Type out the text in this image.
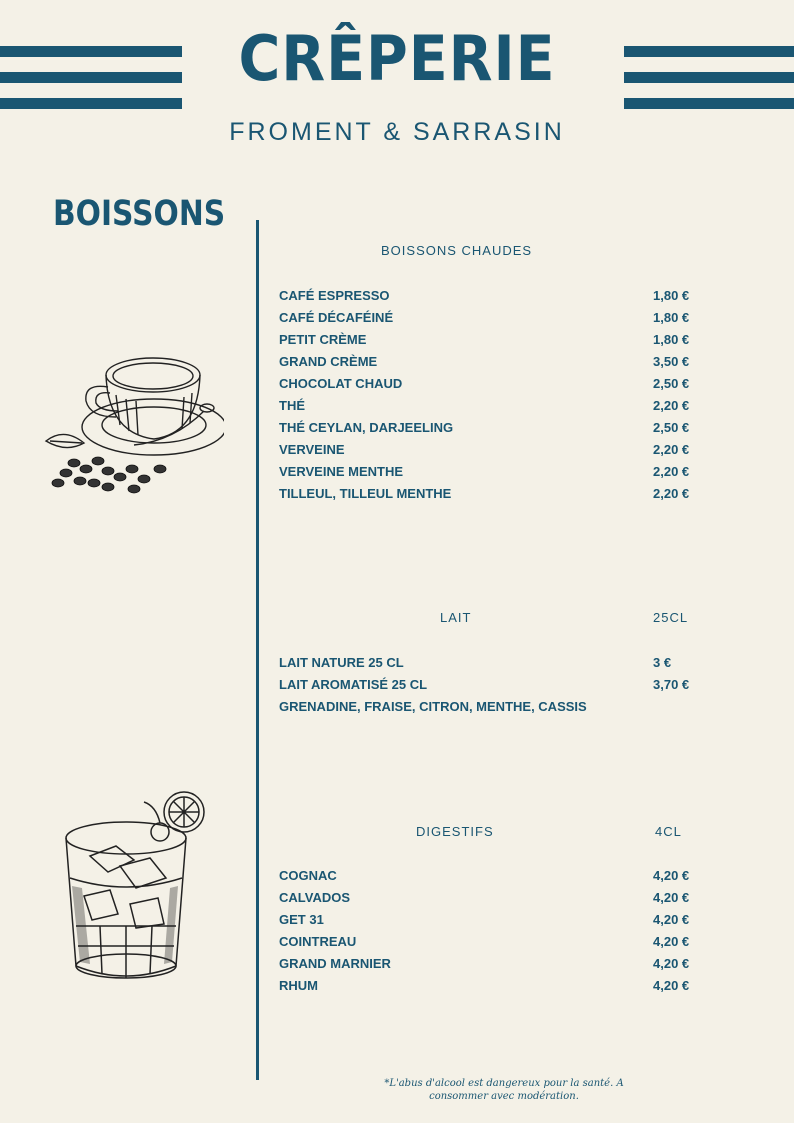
CRÊPERIE
FROMENT & SARRASIN
BOISSONS
BOISSONS CHAUDES
LAIT	25CL
DIGESTIFS	4CL
CAFÉ ESPRESSO	1,80 €
CAFÉ DÉCAFÉINÉ	1,80 €
PETIT CRÈME	1,80 €
GRAND CRÈME	3,50 €
CHOCOLAT CHAUD	2,50 €
THÉ	2,20 €
THÉ CEYLAN, DARJEELING	2,50 €
VERVEINE	2,20 €
VERVEINE MENTHE	2,20 €
TILLEUL, TILLEUL MENTHE	2,20 €
LAIT NATURE 25 CL	3 €
LAIT AROMATISÉ 25 CL	3,70 €
GRENADINE, FRAISE, CITRON, MENTHE, CASSIS
COGNAC	4,20 €
CALVADOS	4,20 €
GET 31	4,20 €
COINTREAU	4,20 €
GRAND MARNIER	4,20 €
RHUM	4,20 €
*L'abus d'alcool est dangereux pour la santé. A consommer avec modération.
